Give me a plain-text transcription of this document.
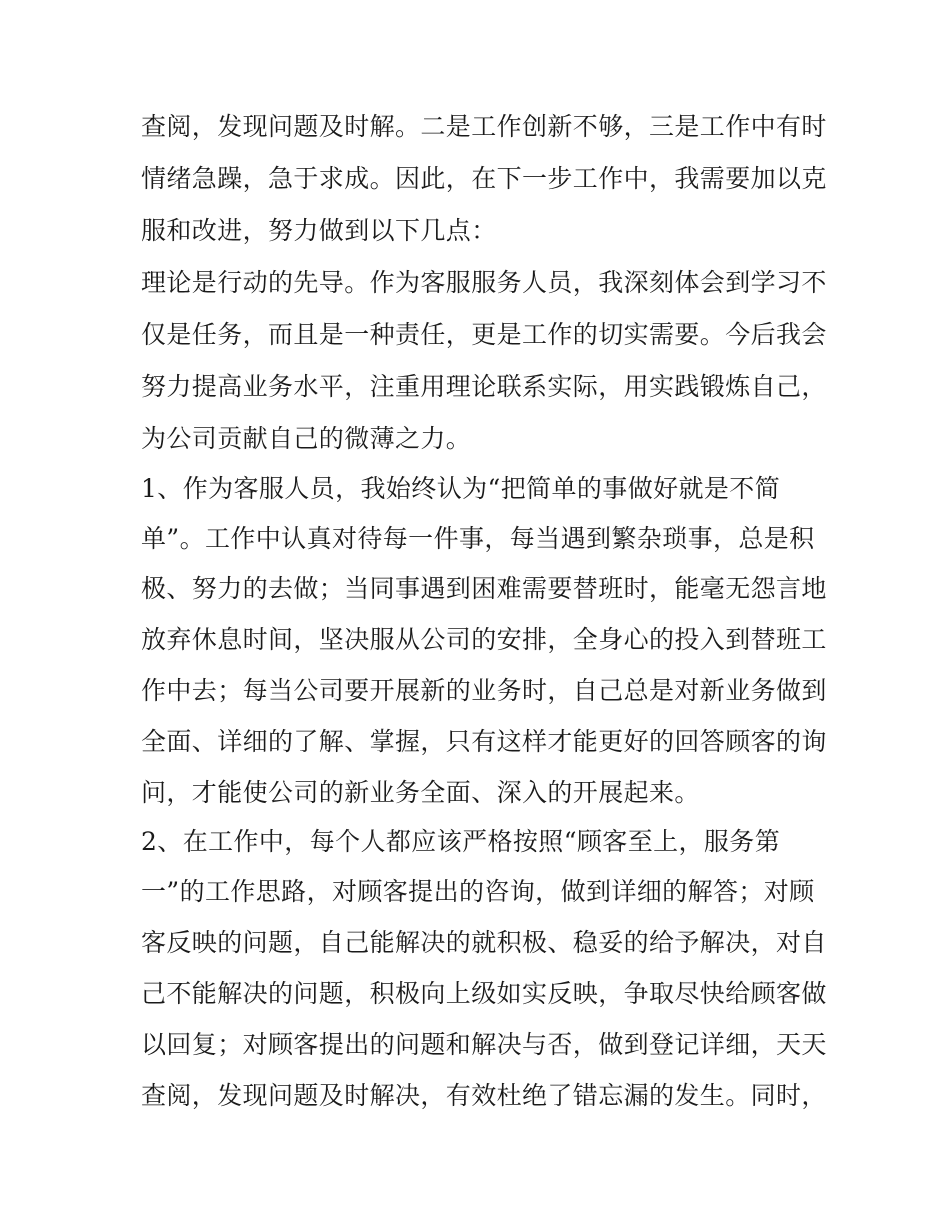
查阅，发现问题及时解。二是工作创新不够，三是工作中有时
情绪急躁，急于求成。因此，在下一步工作中，我需要加以克
服和改进，努力做到以下几点：
理论是行动的先导。作为客服服务人员，我深刻体会到学习不
仅是任务，而且是一种责任，更是工作的切实需要。今后我会
努力提高业务水平，注重用理论联系实际，用实践锻炼自己，
为公司贡献自己的微薄之力。
1、作为客服人员，我始终认为“把简单的事做好就是不简
单”。工作中认真对待每一件事，每当遇到繁杂琐事，总是积
极、努力的去做；当同事遇到困难需要替班时，能毫无怨言地
放弃休息时间，坚决服从公司的安排，全身心的投入到替班工
作中去；每当公司要开展新的业务时，自己总是对新业务做到
全面、详细的了解、掌握，只有这样才能更好的回答顾客的询
问，才能使公司的新业务全面、深入的开展起来。
2、在工作中，每个人都应该严格按照“顾客至上，服务第
一”的工作思路，对顾客提出的咨询，做到详细的解答；对顾
客反映的问题，自己能解决的就积极、稳妥的给予解决，对自
己不能解决的问题，积极向上级如实反映，争取尽快给顾客做
以回复；对顾客提出的问题和解决与否，做到登记详细，天天
查阅，发现问题及时解决，有效杜绝了错忘漏的发生。同时，
